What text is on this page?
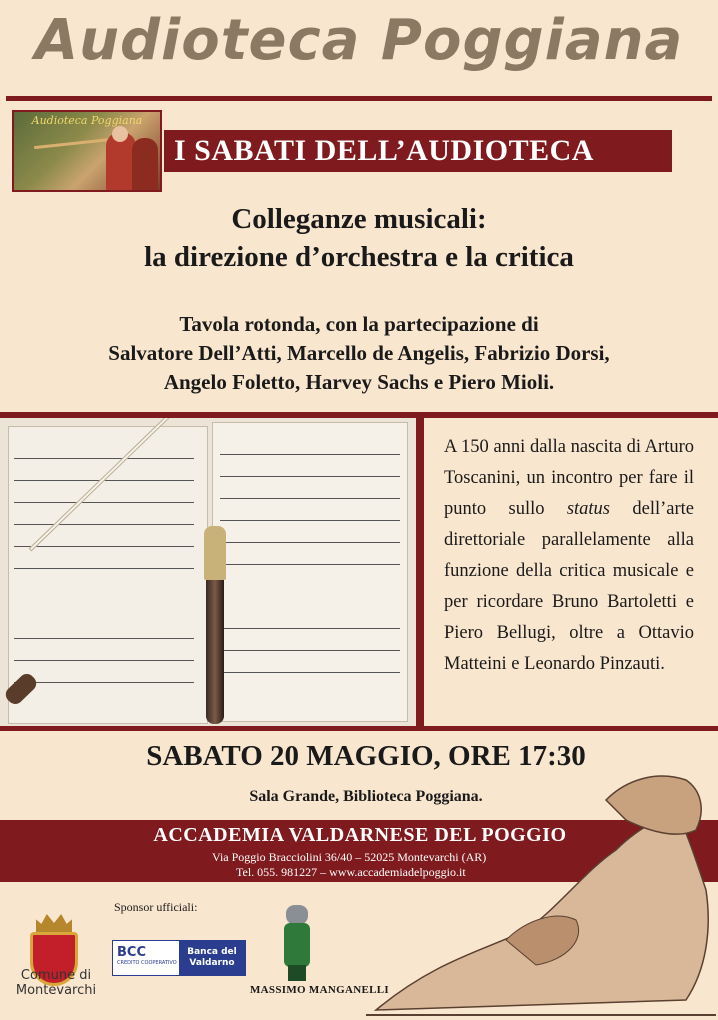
Audioteca Poggiana
Audioteca Poggiana
I SABATI DELL’AUDIOTECA
Colleganze musicali:
la direzione d’orchestra e la critica
Tavola rotonda, con la partecipazione di
Salvatore Dell’Atti, Marcello de Angelis, Fabrizio Dorsi,
Angelo Foletto, Harvey Sachs e Piero Mioli.

A 150 anni dalla nascita di Arturo Toscanini, un incontro per fare il punto sullo status dell’arte direttoriale parallelamente alla funzione della critica musicale e per ricordare Bruno Bartoletti e Piero Bellugi, oltre a Ottavio Matteini e Leonardo Pinzauti.

SABATO 20 MAGGIO, ORE 17:30
Sala Grande, Biblioteca Poggiana.
ACCADEMIA VALDARNESE DEL POGGIO
Via Poggio Bracciolini 36/40 – 52025 Montevarchi (AR)
Tel. 055. 981227 – www.accademiadelpoggio.it
Sponsor ufficiali:
Comune di
Montevarchi
BCC
CREDITO COOPERATIVO
Banca del
Valdarno
MASSIMO MANGANELLI
